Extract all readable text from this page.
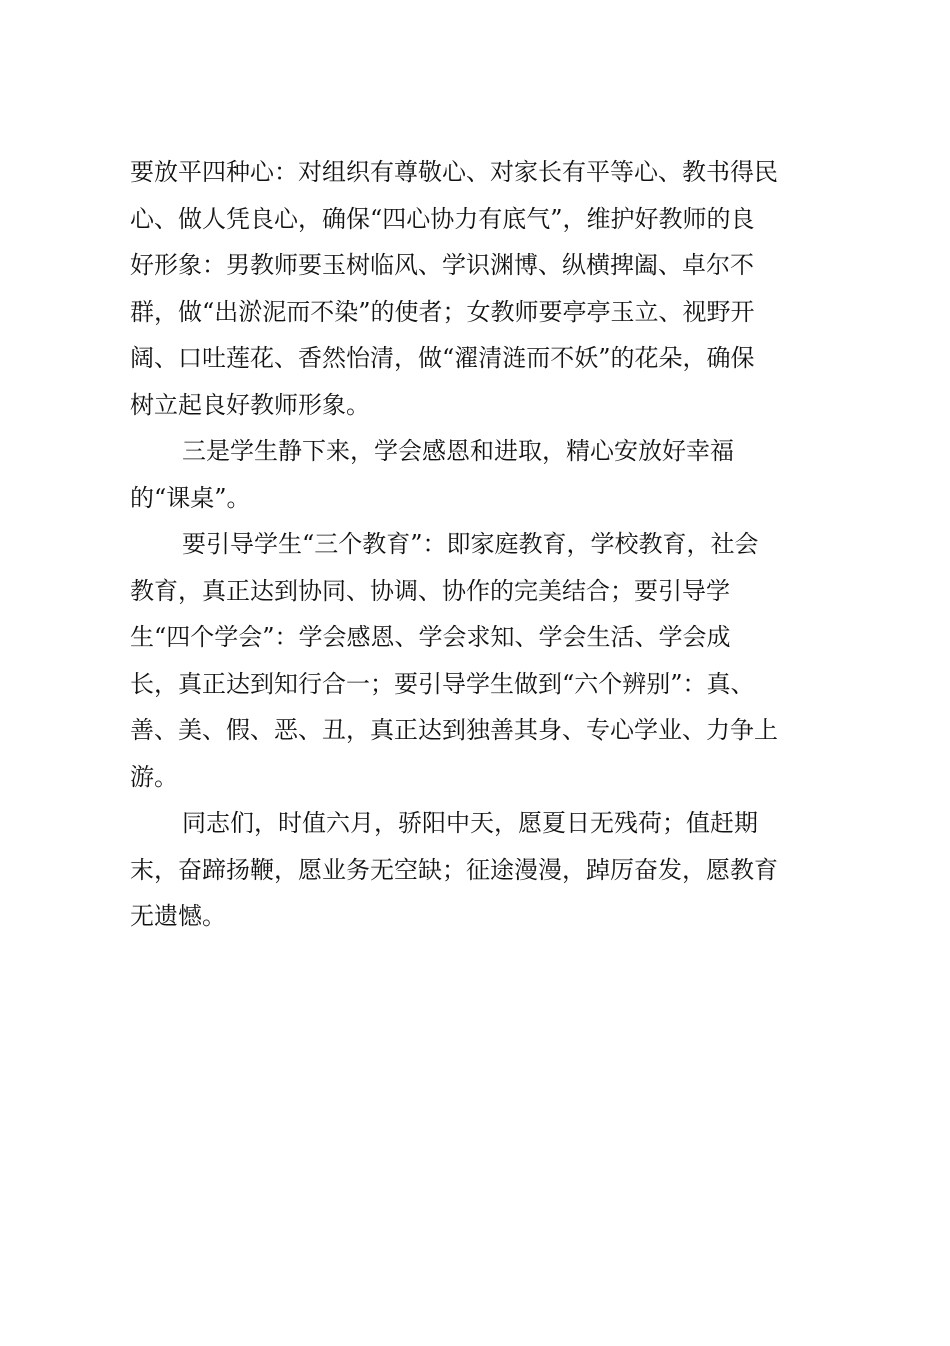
要放平四种心：对组织有尊敬心、对家长有平等心、教书得民
心、做人凭良心，确保“四心协力有底气”，维护好教师的良
好形象：男教师要玉树临风、学识渊博、纵横捭阖、卓尔不
群，做“出淤泥而不染”的使者；女教师要亭亭玉立、视野开
阔、口吐莲花、香然怡清，做“濯清涟而不妖”的花朵，确保
树立起良好教师形象。
三是学生静下来，学会感恩和进取，精心安放好幸福
的“课桌”。
要引导学生“三个教育”：即家庭教育，学校教育，社会
教育，真正达到协同、协调、协作的完美结合；要引导学
生“四个学会”：学会感恩、学会求知、学会生活、学会成
长，真正达到知行合一；要引导学生做到“六个辨别”：真、
善、美、假、恶、丑，真正达到独善其身、专心学业、力争上
游。
同志们，时值六月，骄阳中天，愿夏日无残荷；值赶期
末，奋蹄扬鞭，愿业务无空缺；征途漫漫，踔厉奋发，愿教育
无遗憾。
